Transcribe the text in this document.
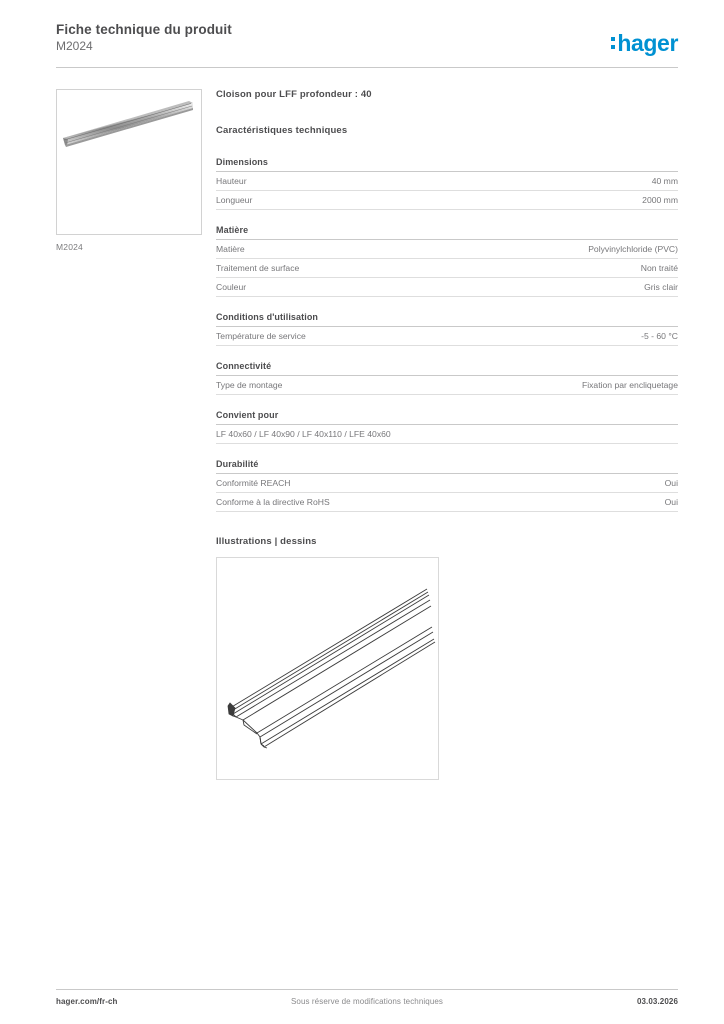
Fiche technique du produit
M2024	hager
M2024
Cloison pour LFF profondeur : 40
Caractéristiques techniques
Dimensions
Hauteur	40 mm
Longueur	2000 mm
Matière
Matière	Polyvinylchloride (PVC)
Traitement de surface	Non traité
Couleur	Gris clair
Conditions d'utilisation
Température de service	-5 - 60 °C
Connectivité
Type de montage	Fixation par encliquetage
Convient pour
LF 40x60 / LF 40x90 / LF 40x110 / LFE 40x60
Durabilité
Conformité REACH	Oui
Conforme à la directive RoHS	Oui
Illustrations | dessins
hager.com/fr-ch	Sous réserve de modifications techniques	03.03.2026
